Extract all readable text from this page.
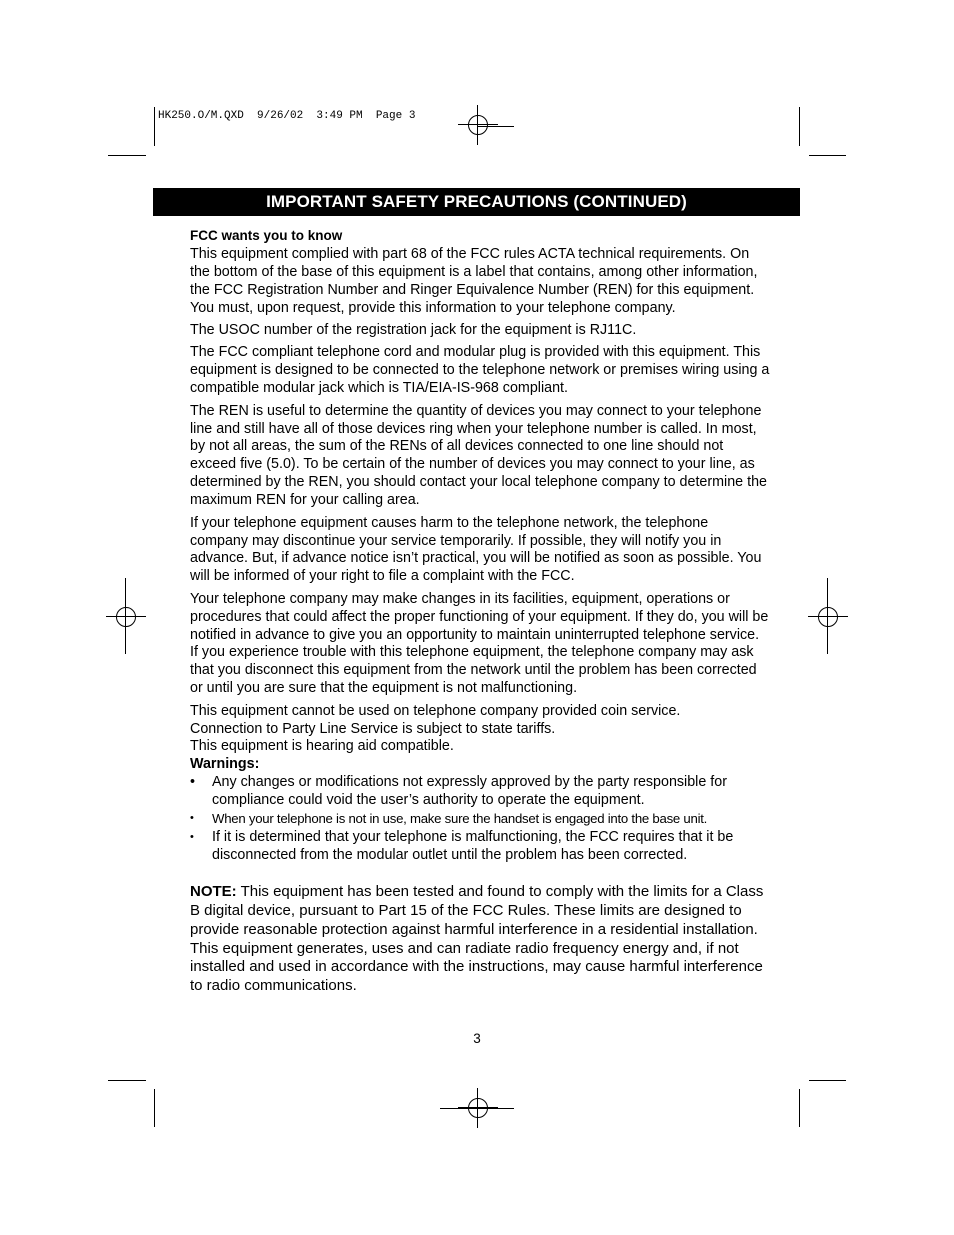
HK250.O/M.QXD  9/26/02  3:49 PM  Page 3
IMPORTANT SAFETY PRECAUTIONS (CONTINUED)

FCC wants you to know

This equipment complied with part 68 of the FCC rules ACTA technical requirements. On the bottom of the base of this equipment is a label that contains, among other information, the FCC Registration Number and Ringer Equivalence Number (REN) for this equipment. You must, upon request, provide this information to your telephone company.

The USOC number of the registration jack for the equipment is RJ11C.

The FCC compliant telephone cord and modular plug is provided with this equipment. This equipment is designed to be connected to the telephone network or premises wiring using a compatible modular jack which is TIA/EIA-IS-968 compliant.

The REN is useful to determine the quantity of devices you may connect to your telephone line and still have all of those devices ring when your telephone number is called. In most, by not all areas, the sum of the RENs of all devices connected to one line should not exceed five (5.0). To be certain of the number of devices you may connect to your line, as determined by the REN, you should contact your local telephone company to determine the maximum REN for your calling area.

If your telephone equipment causes harm to the telephone network, the telephone company may discontinue your service temporarily. If possible, they will notify you in advance. But, if advance notice isn’t practical, you will be notified as soon as possible. You will be informed of your right to file a complaint with the FCC.

Your telephone company may make changes in its facilities, equipment, operations or procedures that could affect the proper functioning of your equipment. If they do, you will be notified in advance to give you an opportunity to maintain uninterrupted telephone service. If you experience trouble with this telephone equipment, the telephone company may ask that you disconnect this equipment from the network until the problem has been corrected or until you are sure that the equipment is not malfunctioning.

This equipment cannot be used on telephone company provided coin service.

Connection to Party Line Service is subject to state tariffs.

This equipment is hearing aid compatible.

Warnings:

• Any changes or modifications not expressly approved by the party responsible for compliance could void the user’s authority to operate the equipment.
• When your telephone is not in use, make sure the handset is engaged into the base unit.
• If it is determined that your telephone is malfunctioning, the FCC requires that it be disconnected from the modular outlet until the problem has been corrected.

NOTE: This equipment has been tested and found to comply with the limits for a Class B digital device, pursuant to Part 15 of the FCC Rules. These limits are designed to provide reasonable protection against harmful interference in a residential installation. This equipment generates, uses and can radiate radio frequency energy and, if not installed and used in accordance with the instructions, may cause harmful interference to radio communications.

3
